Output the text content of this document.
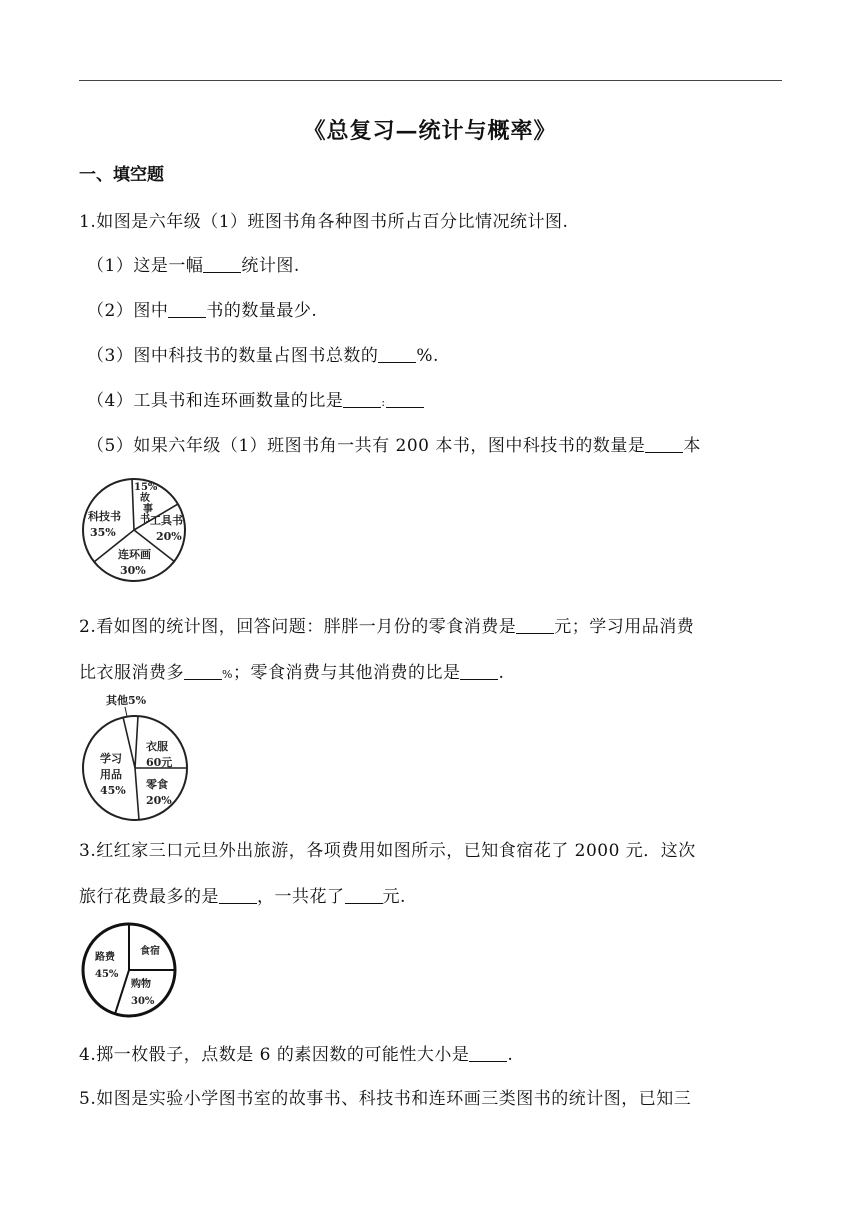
《总复习—统计与概率》
一、填空题
1.如图是六年级（1）班图书角各种图书所占百分比情况统计图.
（1）这是一幅 统计图.
（2）图中 书的数量最少.
（3）图中科技书的数量占图书总数的 %.
（4）工具书和连环画数量的比是	:
（5）如果六年级（1）班图书角一共有 200 本书，图中科技书的数量是 本
15%
故
事
书 工具书
20%
科技书
35%
连环画
30%
2.看如图的统计图，回答问题：胖胖一月份的零食消费是 元；学习用品消费
比衣服消费多	%；零食消费与其他消费的比是 .
其他5%
学习
用品
45%
衣服
60元
零食
20%
3.红红家三口元旦外出旅游，各项费用如图所示，已知食宿花了 2000 元．这次
旅行花费最多的是 ，一共花了 元.
路费
45%
食宿
购物
30%
4.掷一枚骰子，点数是 6 的素因数的可能性大小是 .
5.如图是实验小学图书室的故事书、科技书和连环画三类图书的统计图，已知三
